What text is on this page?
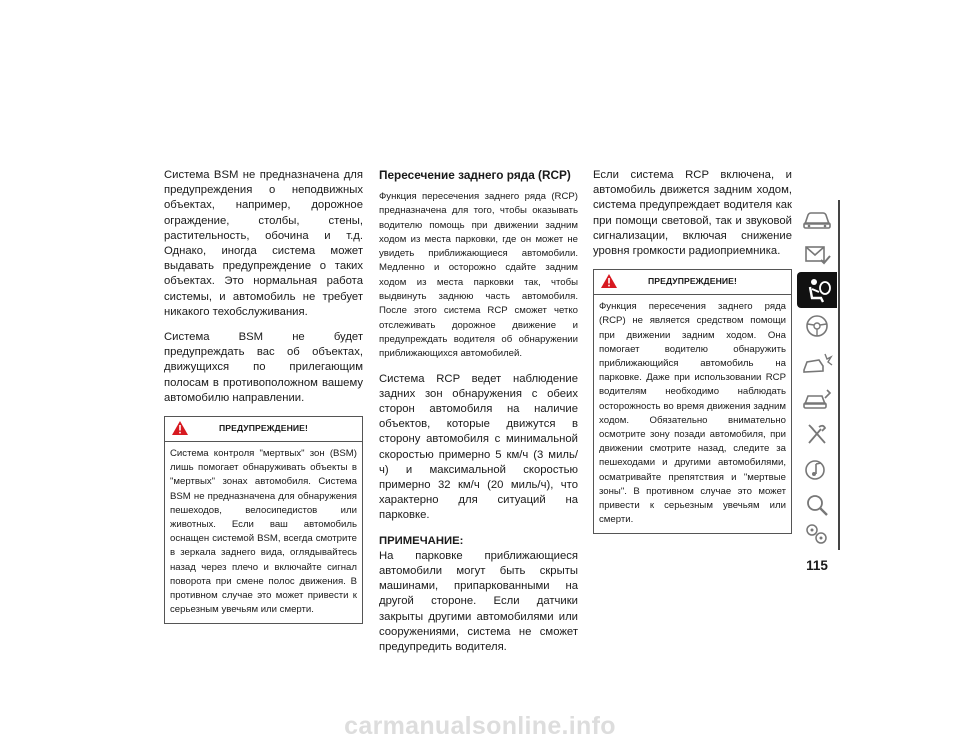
Система BSM не предназначена для предупреждения о неподвижных объектах, например, дорожное ограждение, столбы, стены, растительность, обочина и т.д. Однако, иногда система может выдавать предупреждение о таких объектах. Это нормальная работа системы, и автомобиль не требует никакого техобслуживания.

Система BSM не будет предупреждать вас об объектах, движущихся по прилегающим полосам в противоположном вашему автомобилю направлении.

ПРЕДУПРЕЖДЕНИЕ!
Система контроля "мертвых" зон (BSM) лишь помогает обнаруживать объекты в "мертвых" зонах автомобиля. Система BSM не предназначена для обнаружения пешеходов, велосипедистов или животных. Если ваш автомобиль оснащен системой BSM, всегда смотрите в зеркала заднего вида, оглядывайтесь назад через плечо и включайте сигнал поворота при смене полос движения. В противном случае это может привести к серьезным увечьям или смерти.
Пересечение заднего ряда (RCP)

Функция пересечения заднего ряда (RCP) предназначена для того, чтобы оказывать водителю помощь при движении задним ходом из места парковки, где он может не увидеть приближающиеся автомобили. Медленно и осторожно сдайте задним ходом из места парковки так, чтобы выдвинуть заднюю часть автомобиля. После этого система RCP сможет четко отслеживать дорожное движение и предупреждать водителя об обнаружении приближающихся автомобилей.

Система RCP ведет наблюдение задних зон обнаружения с обеих сторон автомобиля на наличие объектов, которые движутся в сторону автомобиля с минимальной скоростью примерно 5 км/ч (3 миль/ч) и максимальной скоростью примерно 32 км/ч (20 миль/ч), что характерно для ситуаций на парковке.

ПРИМЕЧАНИЕ:

На парковке приближающиеся автомобили могут быть скрыты машинами, припаркованными на другой стороне. Если датчики закрыты другими автомобилями или сооружениями, система не сможет предупредить водителя.

Если система RCP включена, и автомобиль движется задним ходом, система предупреждает водителя как при помощи световой, так и звуковой сигнализации, включая снижение уровня громкости радиоприемника.

ПРЕДУПРЕЖДЕНИЕ!
Функция пересечения заднего ряда (RCP) не является средством помощи при движении задним ходом. Она помогает водителю обнаружить приближающийся автомобиль на парковке. Даже при использовании RCP водителям необходимо наблюдать осторожность во время движения задним ходом. Обязательно внимательно осмотрите зону позади автомобиля, при движении смотрите назад, следите за пешеходами и другими автомобилями, осматривайте препятствия и "мертвые зоны". В противном случае это может привести к серьезным увечьям или смерти.
115
carmanualsonline.info
